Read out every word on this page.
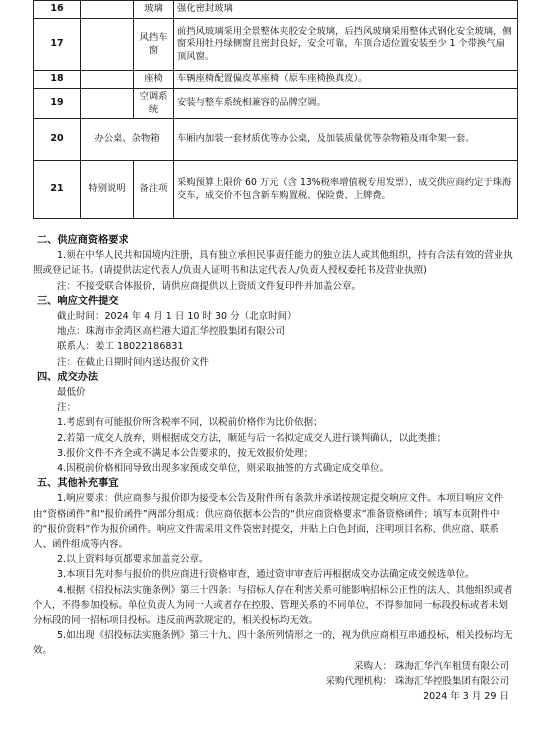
16		玻璃	强化密封玻璃
17		风挡车窗	前挡风玻璃采用全景整体夹胶安全玻璃，后挡风玻璃采用整体式钢化安全玻璃，侧窗采用牡丹绿侧窗且密封良好，安全可靠，车顶合适位置安装至少 1 个带换气扇顶风窗。
18		座椅	车辆座椅配置偏皮革座椅（原车座椅换真皮）。
19		空调系统	安装与整车系统相兼容的品牌空调。
20	办公桌、杂物箱		车厢内加装一套材质优等办公桌，及加装质量优等杂物箱及雨伞架一套。
21	特别说明	备注项	采购预算上限价 60 万元（含 13%税率增值税专用发票），成交供应商约定于珠海交车，成交价不包含新车购置税、保险费、上牌费。
二、供应商资格要求

1.须在中华人民共和国境内注册，具有独立承担民事责任能力的独立法人或其他组织，持有合法有效的营业执照或登记证书。(请提供法定代表人/负责人证明书和法定代表人/负责人授权委托书及营业执照)

注：不接受联合体报价，请供应商提供以上资质文件复印件并加盖公章。

三、响应文件提交

截止时间：2024 年 4 月 1 日 10 时 30 分（北京时间）

地点：珠海市金湾区高栏港大道汇华控股集团有限公司

联系人：姜工 18022186831

注：在截止日期时间内送达报价文件

四、成交办法

最低价

注：

1.考虑到有可能报价所含税率不同，以税前价格作为比价依据；

2.若第一成交人放弃，则根据成交方法，顺延与后一名拟定成交人进行谈判确认，以此类推；

3.报价文件不齐全或不满足本公告要求的，按无效报价处理；

4.因税前价格相同导致出现多家预成交单位，则采取抽签的方式确定成交单位。

五、其他补充事宜

1.响应要求：供应商参与报价即为接受本公告及附件所有条款并承诺按规定提交响应文件。本项目响应文件由“资格函件”和“报价函件”两部分组成：供应商依据本公告的“供应商资格要求”准备资格函件；填写本页附件中的“报价资料”作为报价函件。响应文件需采用文件袋密封提交，并贴上白色封面，注明项目名称、供应商、联系人、函件组成等内容。

2.以上资料每页都要求加盖竞公章。

3.本项目先对参与报价的供应商进行资格审查，通过资审审查后再根据成交办法确定成交候选单位。

4.根据《招投标法实施条例》第三十四条：与招标人存在利害关系可能影响招标公正性的法人、其他组织或者个人，不得参加投标。单位负责人为同一人或者存在控股、管理关系的不同单位，不得参加同一标段投标或者未划分标段的同一招标项目投标。违反前两款规定的，相关投标均无效。

5.如出现《招投标法实施条例》第三十九、四十条所列情形之一的，视为供应商相互串通投标，相关投标均无效。

采购人： 珠海汇华汽车租赁有限公司

采购代理机构： 珠海汇华控股集团有限公司

2024 年 3 月 29 日
